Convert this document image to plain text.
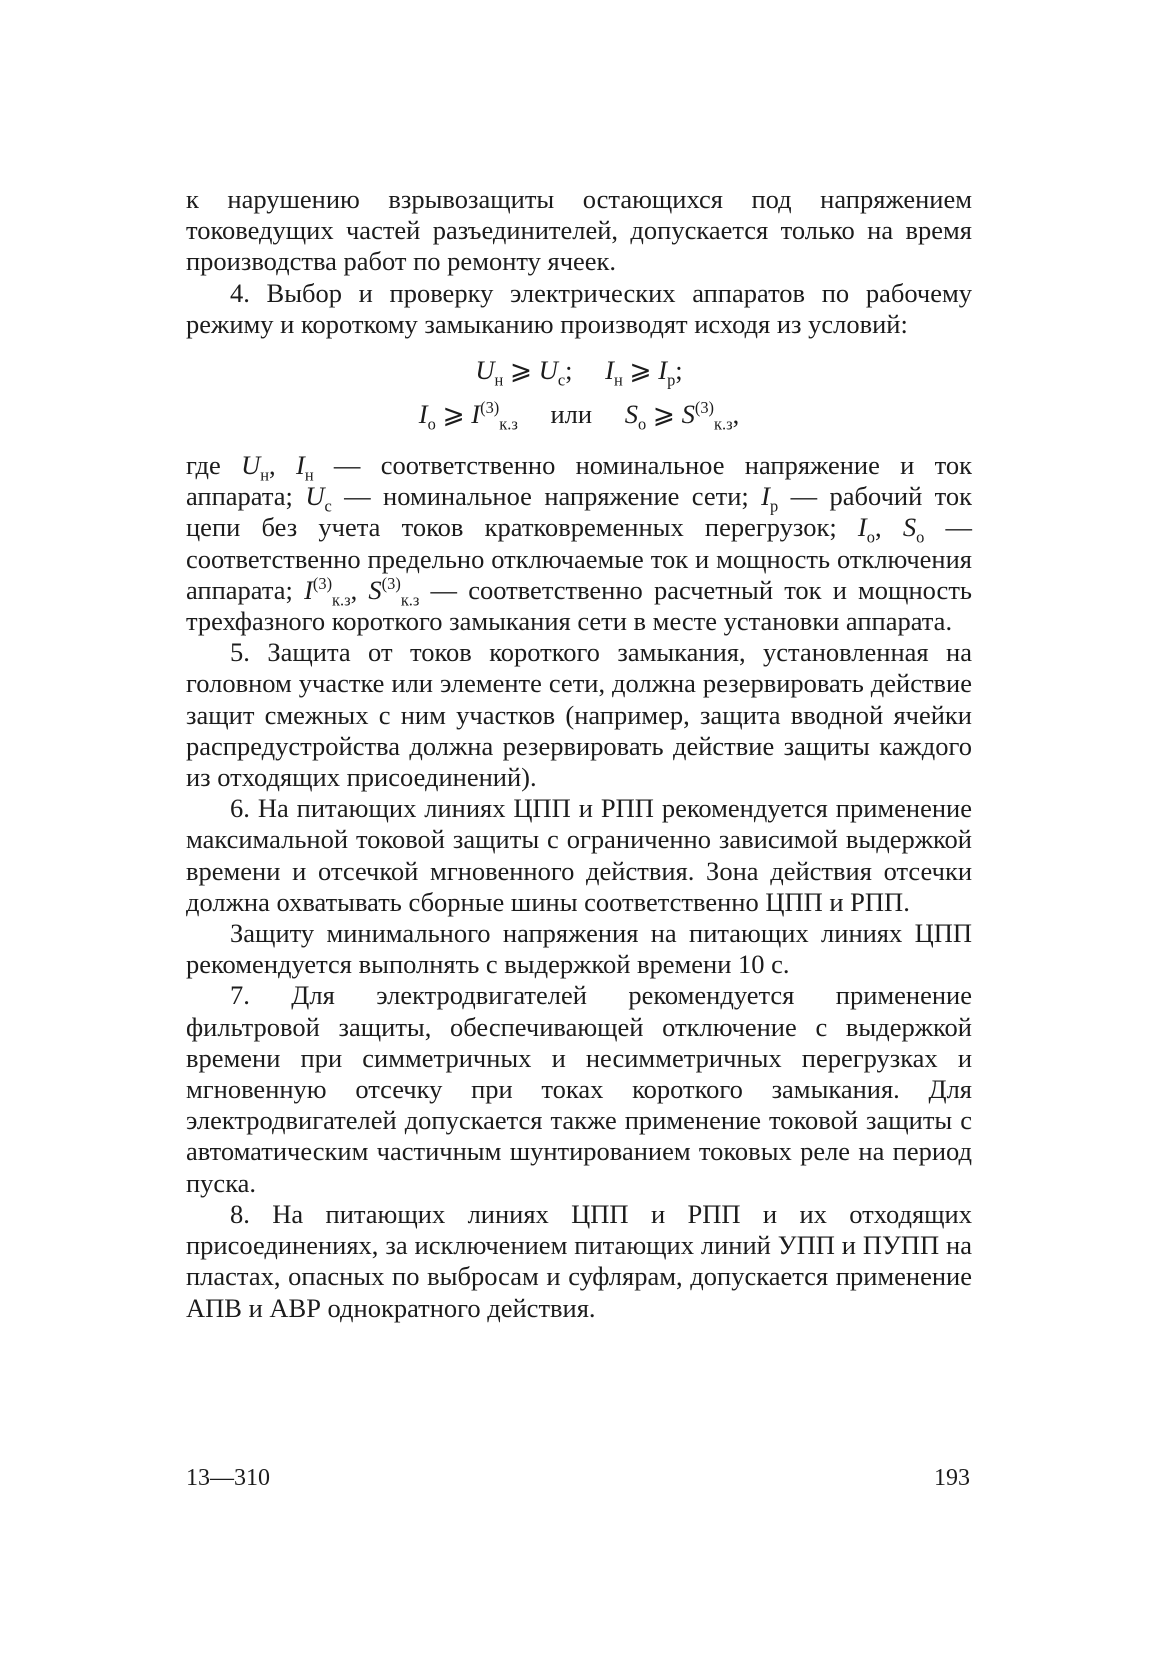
к нарушению взрывозащиты остающихся под напряжением токоведущих частей разъединителей, допускается только на время производства работ по ремонту ячеек.

4. Выбор и проверку электрических аппаратов по рабочему режиму и короткому замыканию производят исходя из условий:

$U_н$ ⩾ $U_с$; $I_н$ ⩾ $I_р$;
$I_о$ ⩾ $I^{(3)}_{к.з}$ или $S_о$ ⩾ $S^{(3)}_{к.з}$,

где $U_н$, $I_н$ — соответственно номинальное напряжение и ток аппарата; $U_с$ — номинальное напряжение сети; $I_р$ — рабочий ток цепи без учета токов кратковременных перегрузок; $I_о$, $S_о$ — соответственно предельно отключаемые ток и мощность отключения аппарата; $I^{(3)}_{к.з}$, $S^{(3)}_{к.з}$ — соответственно расчетный ток и мощность трехфазного короткого замыкания сети в месте установки аппарата.

5. Защита от токов короткого замыкания, установленная на головном участке или элементе сети, должна резервировать действие защит смежных с ним участков (например, защита вводной ячейки распредустройства должна резервировать действие защиты каждого из отходящих присоединений).

6. На питающих линиях ЦПП и РПП рекомендуется применение максимальной токовой защиты с ограниченно зависимой выдержкой времени и отсечкой мгновенного действия. Зона действия отсечки должна охватывать сборные шины соответственно ЦПП и РПП.

Защиту минимального напряжения на питающих линиях ЦПП рекомендуется выполнять с выдержкой времени 10 с.

7. Для электродвигателей рекомендуется применение фильтровой защиты, обеспечивающей отключение с выдержкой времени при симметричных и несимметричных перегрузках и мгновенную отсечку при токах короткого замыкания. Для электродвигателей допускается также применение токовой защиты с автоматическим частичным шунтированием токовых реле на период пуска.

8. На питающих линиях ЦПП и РПП и их отходящих присоединениях, за исключением питающих линий УПП и ПУПП на пластах, опасных по выбросам и суфлярам, допускается применение АПВ и АВР однократного действия.

13—310	193
